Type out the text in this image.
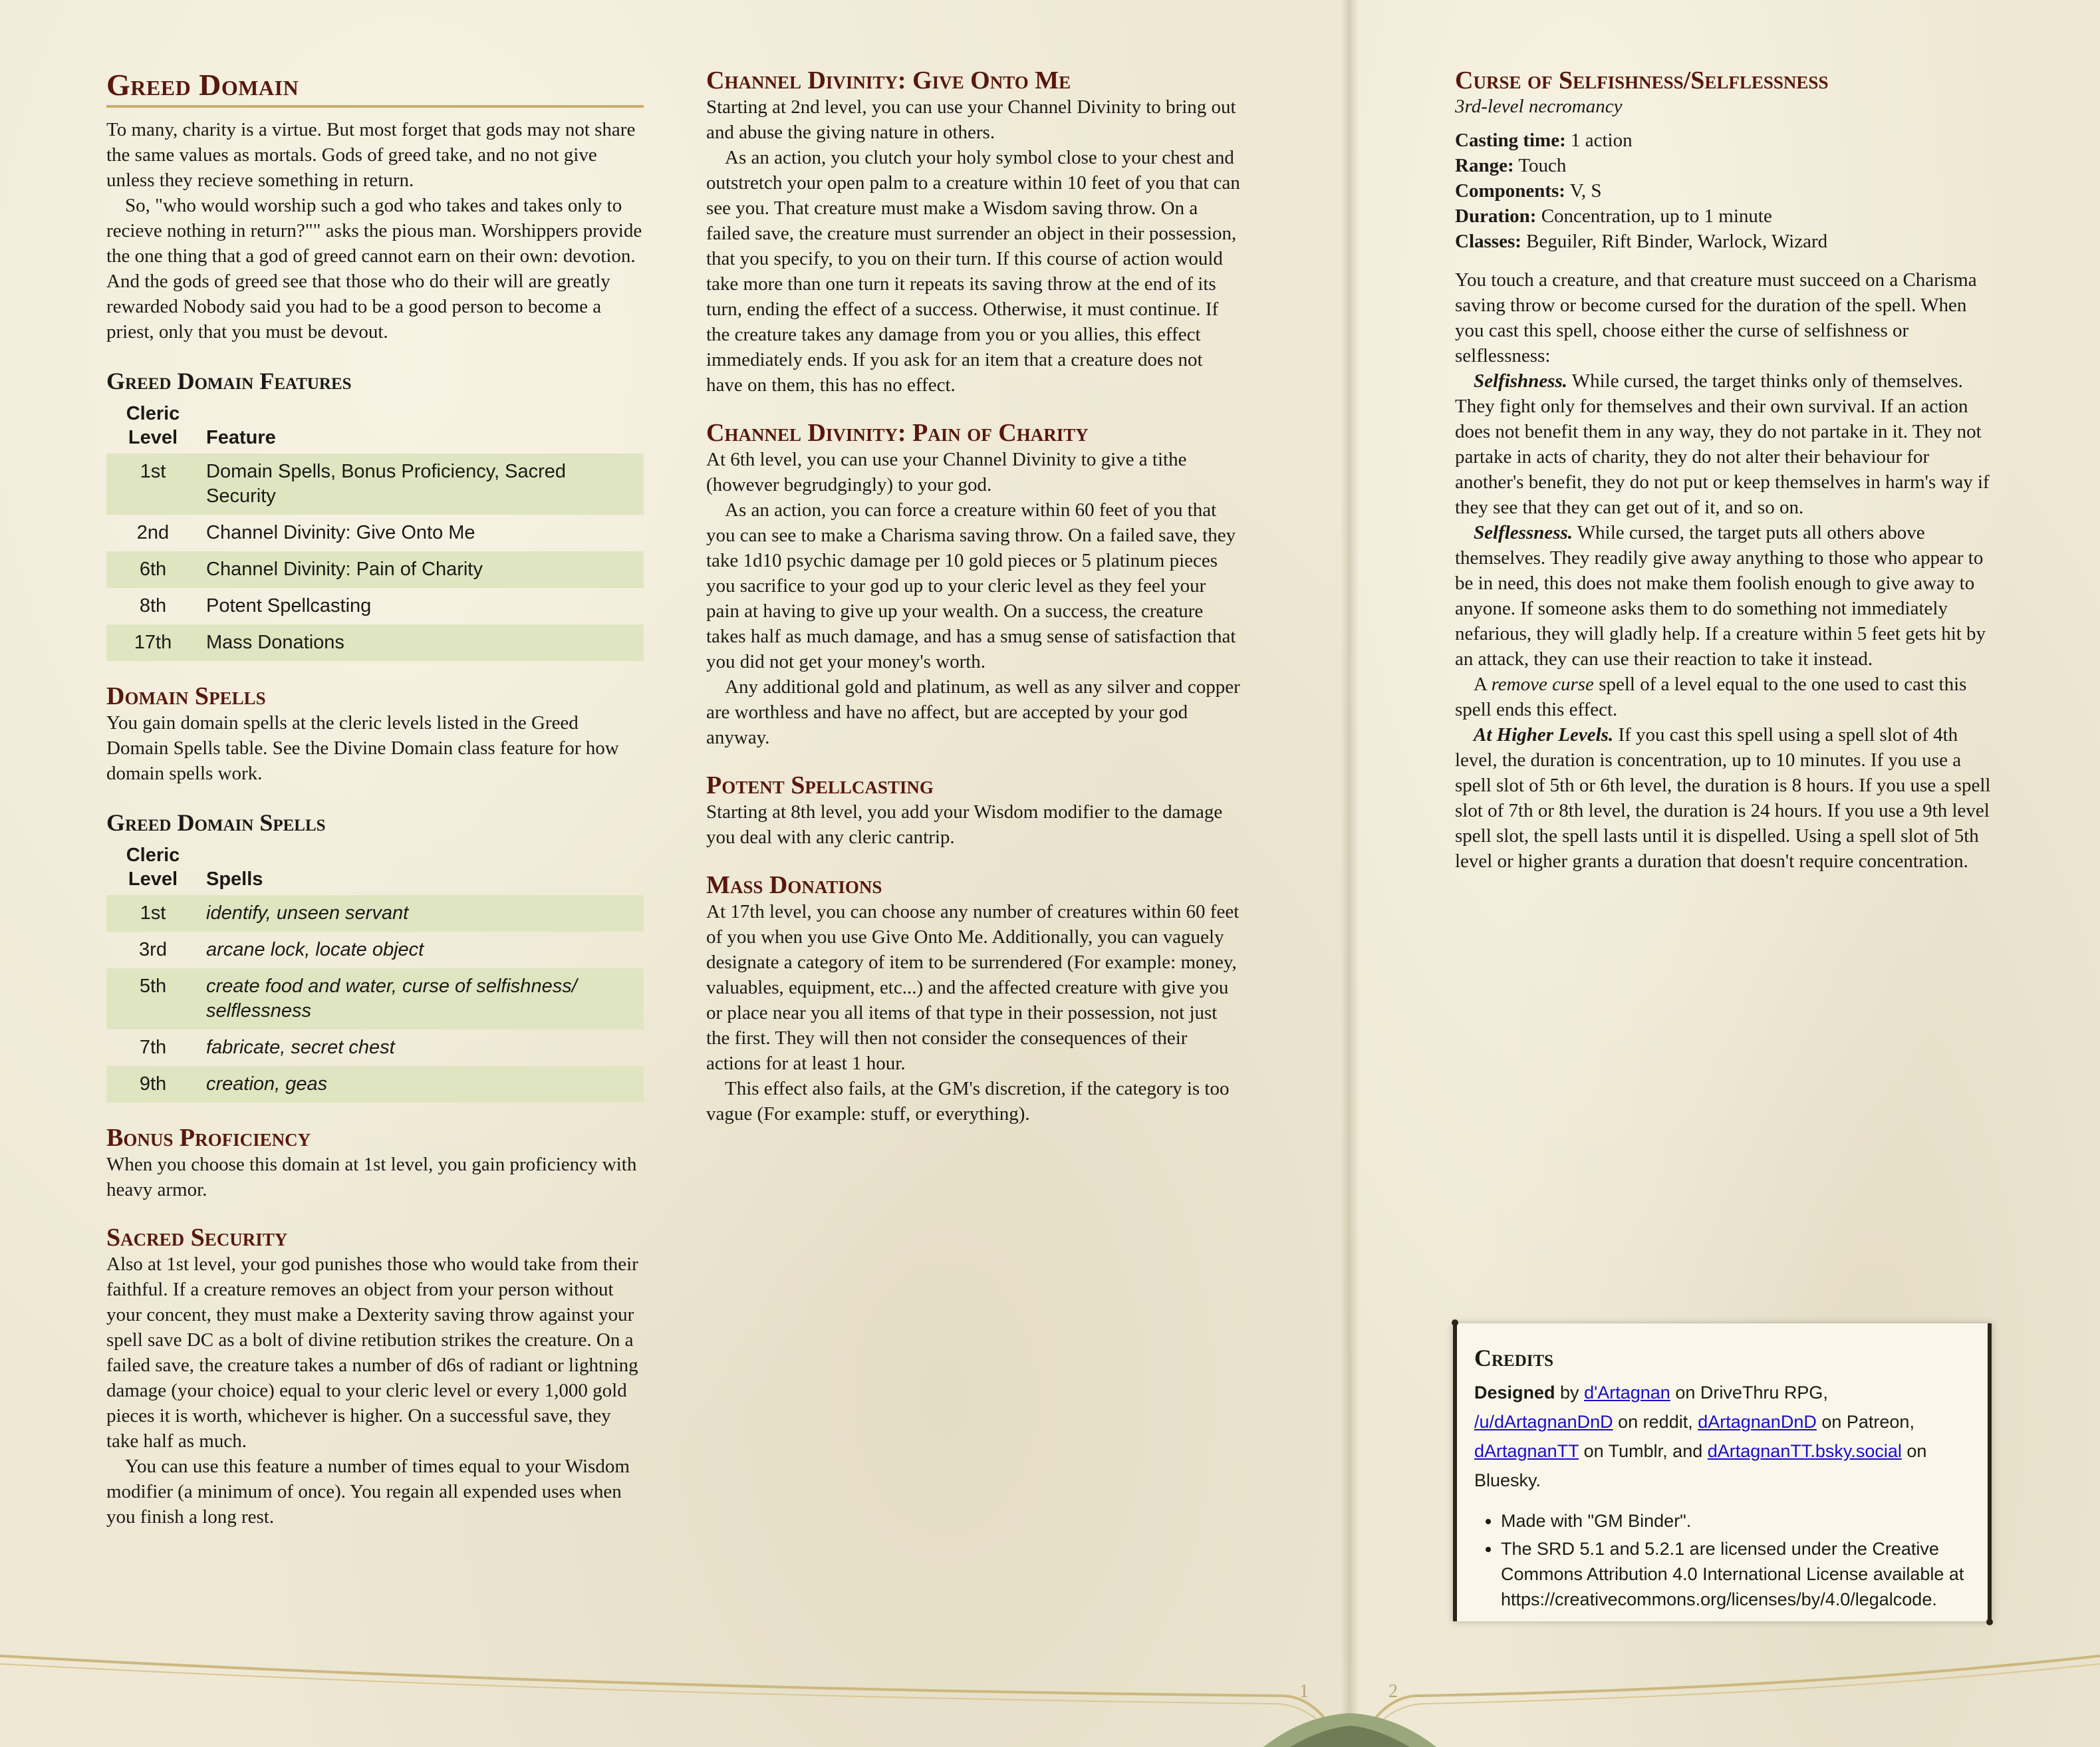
Greed Domain

To many, charity is a virtue. But most forget that gods may not share the same values as mortals. Gods of greed take, and no not give unless they recieve something in return.

So, "who would worship such a god who takes and takes only to recieve nothing in return?"" asks the pious man. Worshippers provide the one thing that a god of greed cannot earn on their own: devotion. And the gods of greed see that those who do their will are greatly rewarded Nobody said you had to be a good person to become a priest, only that you must be devout.

Greed Domain Features
Cleric Level	Feature
1st	Domain Spells, Bonus Proficiency, Sacred Security
2nd	Channel Divinity: Give Onto Me
6th	Channel Divinity: Pain of Charity
8th	Potent Spellcasting
17th	Mass Donations
Domain Spells

You gain domain spells at the cleric levels listed in the Greed Domain Spells table. See the Divine Domain class feature for how domain spells work.

Greed Domain Spells
Cleric Level	Spells
1st	identify, unseen servant
3rd	arcane lock, locate object
5th	create food and water, curse of selfishness/ selflessness
7th	fabricate, secret chest
9th	creation, geas
Bonus Proficiency

When you choose this domain at 1st level, you gain proficiency with heavy armor.

Sacred Security

Also at 1st level, your god punishes those who would take from their faithful. If a creature removes an object from your person without your concent, they must make a Dexterity saving throw against your spell save DC as a bolt of divine retibution strikes the creature. On a failed save, the creature takes a number of d6s of radiant or lightning damage (your choice) equal to your cleric level or every 1,000 gold pieces it is worth, whichever is higher. On a successful save, they take half as much.

You can use this feature a number of times equal to your Wisdom modifier (a minimum of once). You regain all expended uses when you finish a long rest.

Channel Divinity: Give Onto Me

Starting at 2nd level, you can use your Channel Divinity to bring out and abuse the giving nature in others.

As an action, you clutch your holy symbol close to your chest and outstretch your open palm to a creature within 10 feet of you that can see you. That creature must make a Wisdom saving throw. On a failed save, the creature must surrender an object in their possession, that you specify, to you on their turn. If this course of action would take more than one turn it repeats its saving throw at the end of its turn, ending the effect of a success. Otherwise, it must continue. If the creature takes any damage from you or you allies, this effect immediately ends. If you ask for an item that a creature does not have on them, this has no effect.

Channel Divinity: Pain of Charity

At 6th level, you can use your Channel Divinity to give a tithe (however begrudgingly) to your god.

As an action, you can force a creature within 60 feet of you that you can see to make a Charisma saving throw. On a failed save, they take 1d10 psychic damage per 10 gold pieces or 5 platinum pieces you sacrifice to your god up to your cleric level as they feel your pain at having to give up your wealth. On a success, the creature takes half as much damage, and has a smug sense of satisfaction that you did not get your money's worth.

Any additional gold and platinum, as well as any silver and copper are worthless and have no affect, but are accepted by your god anyway.

Potent Spellcasting

Starting at 8th level, you add your Wisdom modifier to the damage you deal with any cleric cantrip.

Mass Donations

At 17th level, you can choose any number of creatures within 60 feet of you when you use Give Onto Me. Additionally, you can vaguely designate a category of item to be surrendered (For example: money, valuables, equipment, etc...) and the affected creature with give you or place near you all items of that type in their possession, not just the first. They will then not consider the consequences of their actions for at least 1 hour.

This effect also fails, at the GM's discretion, if the category is too vague (For example: stuff, or everything).

Curse of Selfishness/Selflessness
3rd-level necromancy

Casting time: 1 action

Range: Touch

Components: V, S

Duration: Concentration, up to 1 minute

Classes: Beguiler, Rift Binder, Warlock, Wizard

You touch a creature, and that creature must succeed on a Charisma saving throw or become cursed for the duration of the spell. When you cast this spell, choose either the curse of selfishness or selflessness:

Selfishness. While cursed, the target thinks only of themselves. They fight only for themselves and their own survival. If an action does not benefit them in any way, they do not partake in it. They not partake in acts of charity, they do not alter their behaviour for another's benefit, they do not put or keep themselves in harm's way if they see that they can get out of it, and so on.

Selflessness. While cursed, the target puts all others above themselves. They readily give away anything to those who appear to be in need, this does not make them foolish enough to give away to anyone. If someone asks them to do something not immediately nefarious, they will gladly help. If a creature within 5 feet gets hit by an attack, they can use their reaction to take it instead.

A remove curse spell of a level equal to the one used to cast this spell ends this effect.

At Higher Levels. If you cast this spell using a spell slot of 4th level, the duration is concentration, up to 10 minutes. If you use a spell slot of 5th or 6th level, the duration is 8 hours. If you use a spell slot of 7th or 8th level, the duration is 24 hours. If you use a 9th level spell slot, the spell lasts until it is dispelled. Using a spell slot of 5th level or higher grants a duration that doesn't require concentration.

Credits

Designed by d'Artagnan on DriveThru RPG, /u/dArtagnanDnD on reddit, dArtagnanDnD on Patreon, dArtagnanTT on Tumblr, and dArtagnanTT.bsky.social on Bluesky.

• Made with "GM Binder".
• The SRD 5.1 and 5.2.1 are licensed under the Creative Commons Attribution 4.0 International License available at https://creativecommons.org/licenses/by/4.0/legalcode.
1	2
